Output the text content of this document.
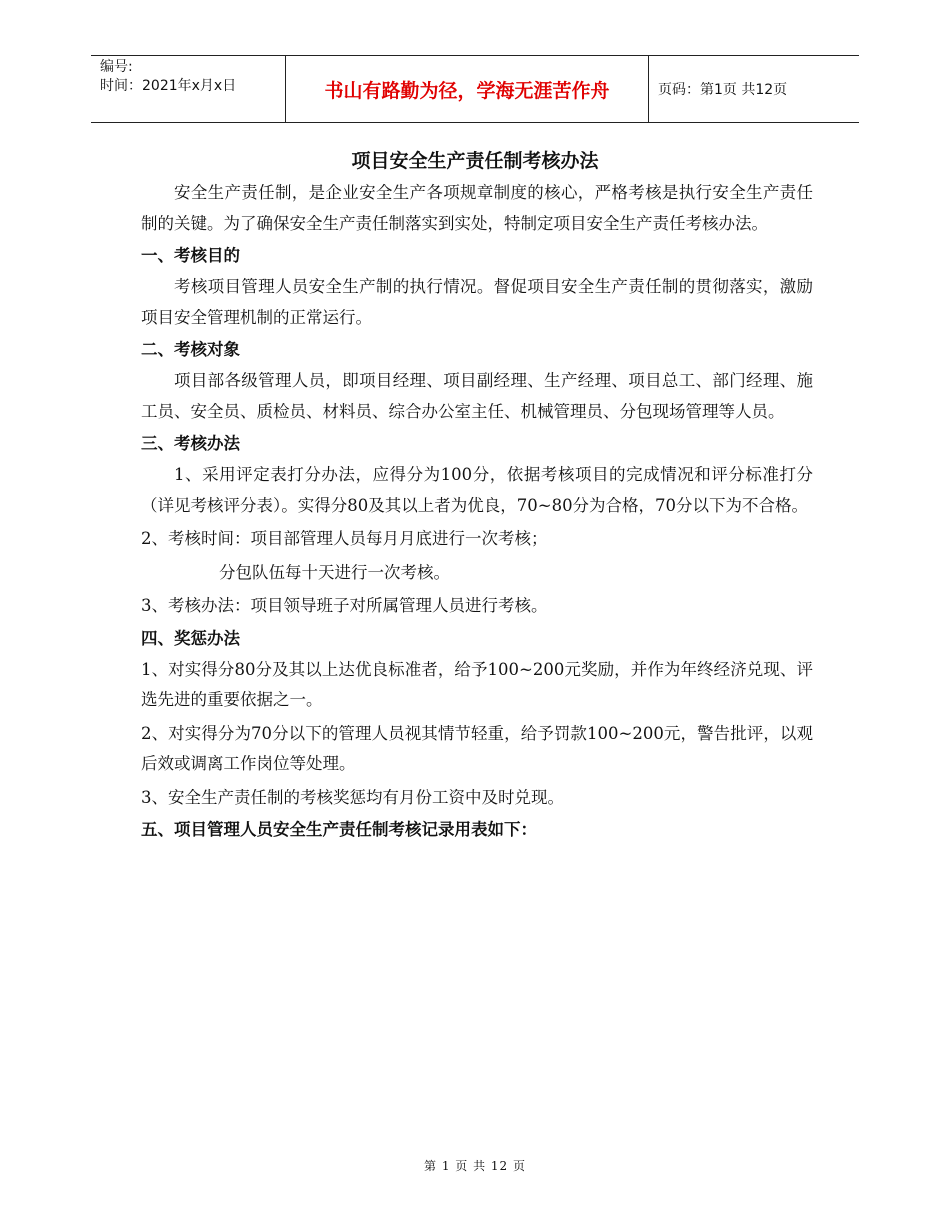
编号:
时间：2021年x月x日	书山有路勤为径，学海无涯苦作舟	页码：第1页 共12页
项目安全生产责任制考核办法

安全生产责任制，是企业安全生产各项规章制度的核心，严格考核是执行安全生产责任制的关键。为了确保安全生产责任制落实到实处，特制定项目安全生产责任考核办法。

一、考核目的

考核项目管理人员安全生产制的执行情况。督促项目安全生产责任制的贯彻落实，激励项目安全管理机制的正常运行。

二、考核对象

项目部各级管理人员，即项目经理、项目副经理、生产经理、项目总工、部门经理、施工员、安全员、质检员、材料员、综合办公室主任、机械管理员、分包现场管理等人员。

三、考核办法

1、采用评定表打分办法，应得分为100分，依据考核项目的完成情况和评分标准打分（详见考核评分表）。实得分80及其以上者为优良，70~80分为合格，70分以下为不合格。

2、考核时间：项目部管理人员每月月底进行一次考核；

分包队伍每十天进行一次考核。

3、考核办法：项目领导班子对所属管理人员进行考核。

四、奖惩办法

1、对实得分80分及其以上达优良标准者，给予100~200元奖励，并作为年终经济兑现、评选先进的重要依据之一。

2、对实得分为70分以下的管理人员视其情节轻重，给予罚款100~200元，警告批评，以观后效或调离工作岗位等处理。

3、安全生产责任制的考核奖惩均有月份工资中及时兑现。

五、项目管理人员安全生产责任制考核记录用表如下：
第 1 页 共 12 页
